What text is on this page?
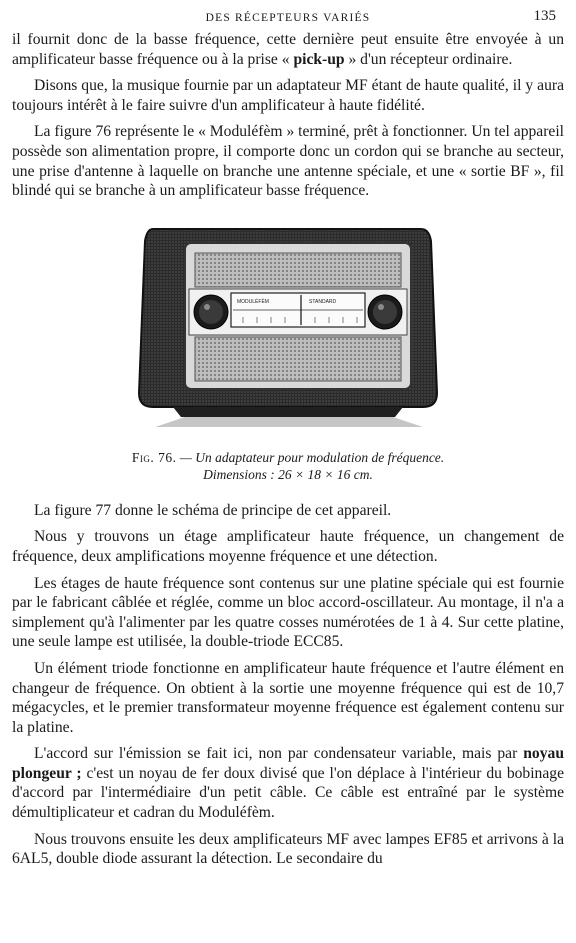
DES RÉCEPTEURS VARIÉS	135

il fournit donc de la basse fréquence, cette dernière peut ensuite être envoyée à un amplificateur basse fréquence ou à la prise « pick-up » d'un récepteur ordinaire.

Disons que, la musique fournie par un adaptateur MF étant de haute qualité, il y aura toujours intérêt à le faire suivre d'un amplificateur à haute fidélité.

La figure 76 représente le « Moduléfèm » terminé, prêt à fonctionner. Un tel appareil possède son alimentation propre, il comporte donc un cordon qui se branche au secteur, une prise d'antenne à laquelle on branche une antenne spéciale, et une « sortie BF », fil blindé qui se branche à un amplificateur basse fréquence.

MODULÉFÈM	STANDARD
Fig. 76. — Un adaptateur pour modulation de fréquence.
Dimensions : 26 × 18 × 16 cm.

La figure 77 donne le schéma de principe de cet appareil.

Nous y trouvons un étage amplificateur haute fréquence, un changement de fréquence, deux amplifications moyenne fréquence et une détection.

Les étages de haute fréquence sont contenus sur une platine spéciale qui est fournie par le fabricant câblée et réglée, comme un bloc accord-oscillateur. Au montage, il n'a a simplement qu'à l'alimenter par les quatre cosses numérotées de 1 à 4. Sur cette platine, une seule lampe est utilisée, la double-triode ECC85.

Un élément triode fonctionne en amplificateur haute fréquence et l'autre élément en changeur de fréquence. On obtient à la sortie une moyenne fréquence qui est de 10,7 mégacycles, et le premier transformateur moyenne fréquence est également contenu sur la platine.

L'accord sur l'émission se fait ici, non par condensateur variable, mais par noyau plongeur ; c'est un noyau de fer doux divisé que l'on déplace à l'intérieur du bobinage d'accord par l'intermédiaire d'un petit câble. Ce câble est entraîné par le système démultiplicateur et cadran du Moduléfèm.

Nous trouvons ensuite les deux amplificateurs MF avec lampes EF85 et arrivons à la 6AL5, double diode assurant la détection. Le secondaire du
